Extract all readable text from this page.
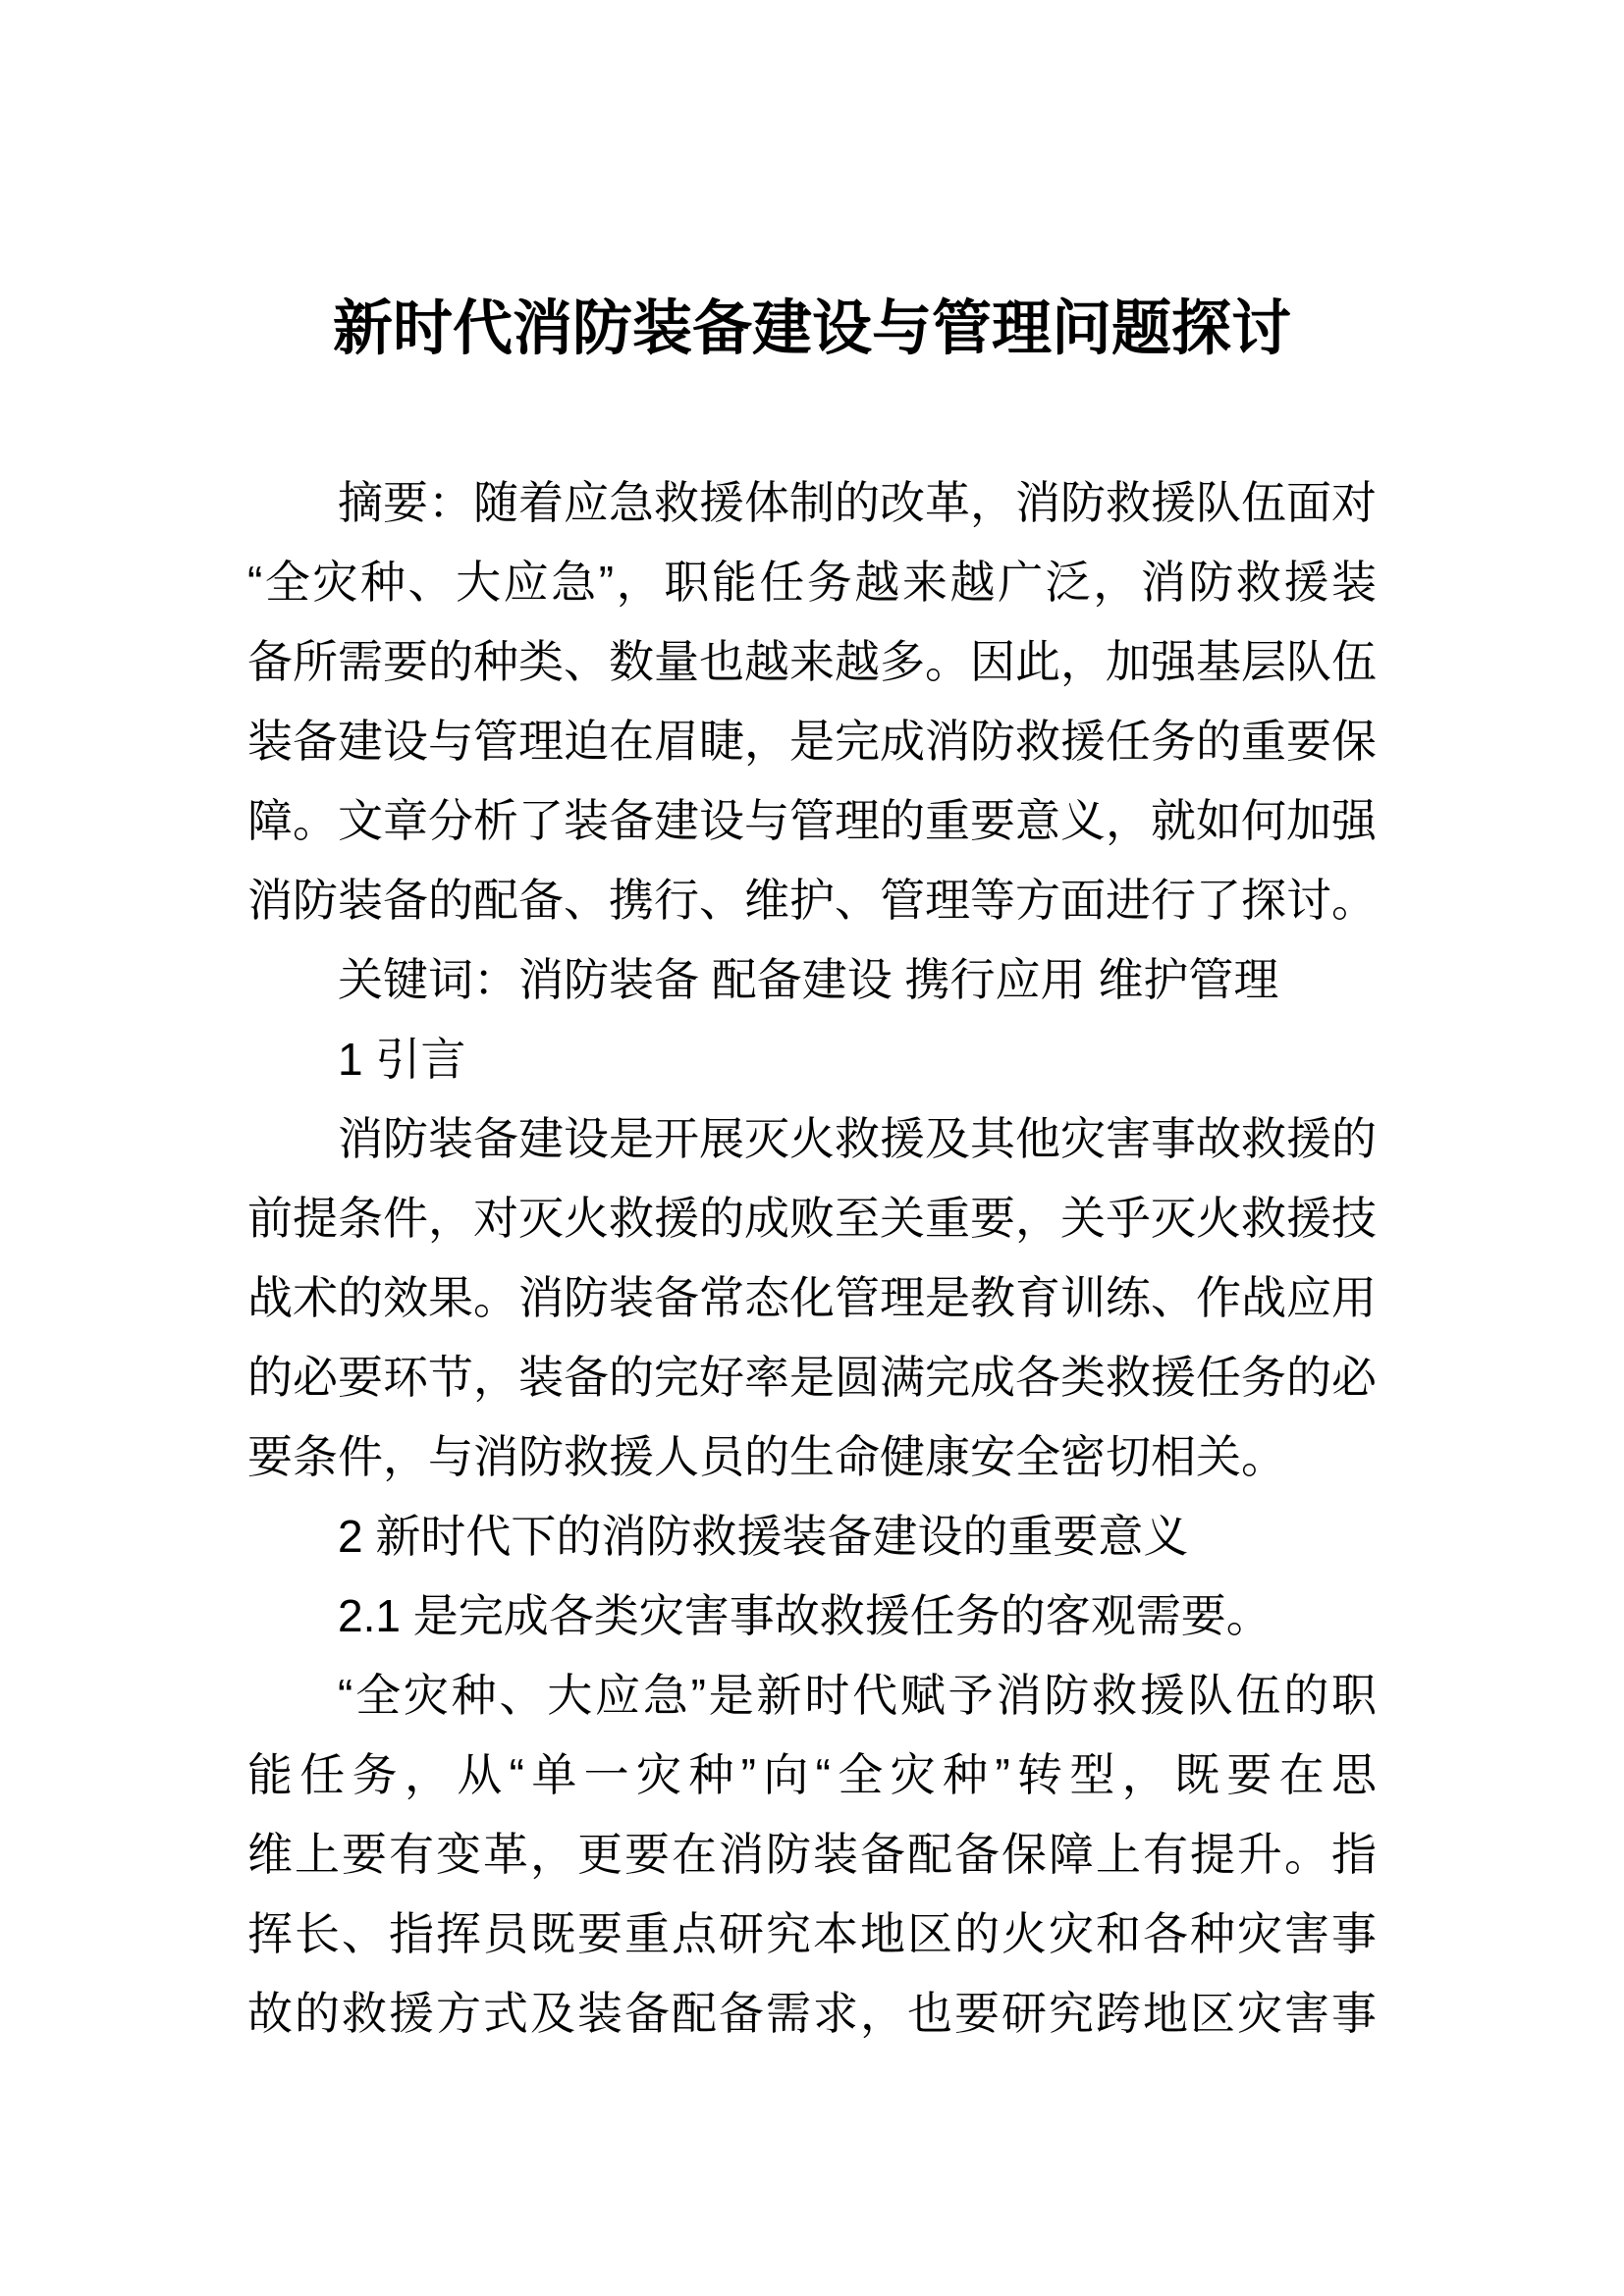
新时代消防装备建设与管理问题探讨
摘要：随着应急救援体制的改革，消防救援队伍面对
“全灾种、大应急”，职能任务越来越广泛，消防救援装
备所需要的种类、数量也越来越多。因此，加强基层队伍
装备建设与管理迫在眉睫，是完成消防救援任务的重要保
障。文章分析了装备建设与管理的重要意义，就如何加强
消防装备的配备、携行、维护、管理等方面进行了探讨。
关键词：消防装备 配备建设 携行应用 维护管理
1 引言
消防装备建设是开展灭火救援及其他灾害事故救援的
前提条件，对灭火救援的成败至关重要，关乎灭火救援技
战术的效果。消防装备常态化管理是教育训练、作战应用
的必要环节，装备的完好率是圆满完成各类救援任务的必
要条件，与消防救援人员的生命健康安全密切相关。
2 新时代下的消防救援装备建设的重要意义
2.1 是完成各类灾害事故救援任务的客观需要。
“全灾种、大应急”是新时代赋予消防救援队伍的职
能任务，从“单一灾种”向“全灾种”转型，既要在思
维上要有变革，更要在消防装备配备保障上有提升。指
挥长、指挥员既要重点研究本地区的火灾和各种灾害事
故的救援方式及装备配备需求，也要研究跨地区灾害事
